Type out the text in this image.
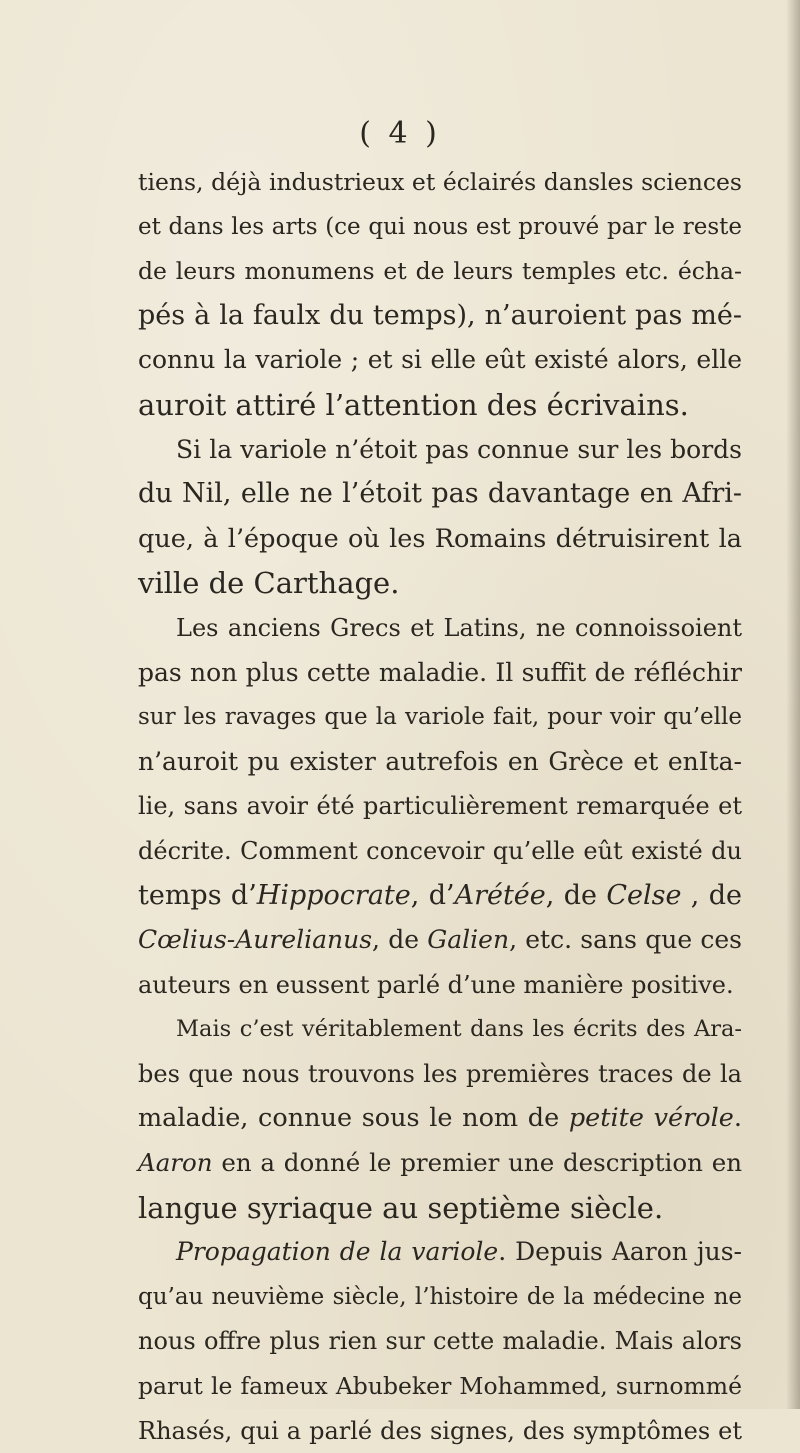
( 4 )
tiens, déjà industrieux et éclairés dansles sciences
et dans les arts (ce qui nous est prouvé par le reste
de leurs monumens et de leurs temples etc. écha-
pés à la faulx du temps), n’auroient pas mé-
connu la variole ; et si elle eût existé alors, elle
auroit attiré l’attention des écrivains.
Si la variole n’étoit pas connue sur les bords
du Nil, elle ne l’étoit pas davantage en Afri-
que, à l’époque où les Romains détruisirent la
ville de Carthage.
Les anciens Grecs et Latins, ne connoissoient
pas non plus cette maladie. Il suffit de réfléchir
sur les ravages que la variole fait, pour voir qu’elle
n’auroit pu exister autrefois en Grèce et enIta-
lie, sans avoir été particulièrement remarquée et
décrite. Comment concevoir qu’elle eût existé du
temps d’Hippocrate, d’Arétée, de Celse , de
Cœlius-Aurelianus, de Galien, etc. sans que ces
auteurs en eussent parlé d’une manière positive.
Mais c’est véritablement dans les écrits des Ara-
bes que nous trouvons les premières traces de la
maladie, connue sous le nom de petite vérole.
Aaron en a donné le premier une description en
langue syriaque au septième siècle.
Propagation de la variole. Depuis Aaron jus-
qu’au neuvième siècle, l’histoire de la médecine ne
nous offre plus rien sur cette maladie. Mais alors
parut le fameux Abubeker Mohammed, surnommé
Rhasés, qui a parlé des signes, des symptômes et
